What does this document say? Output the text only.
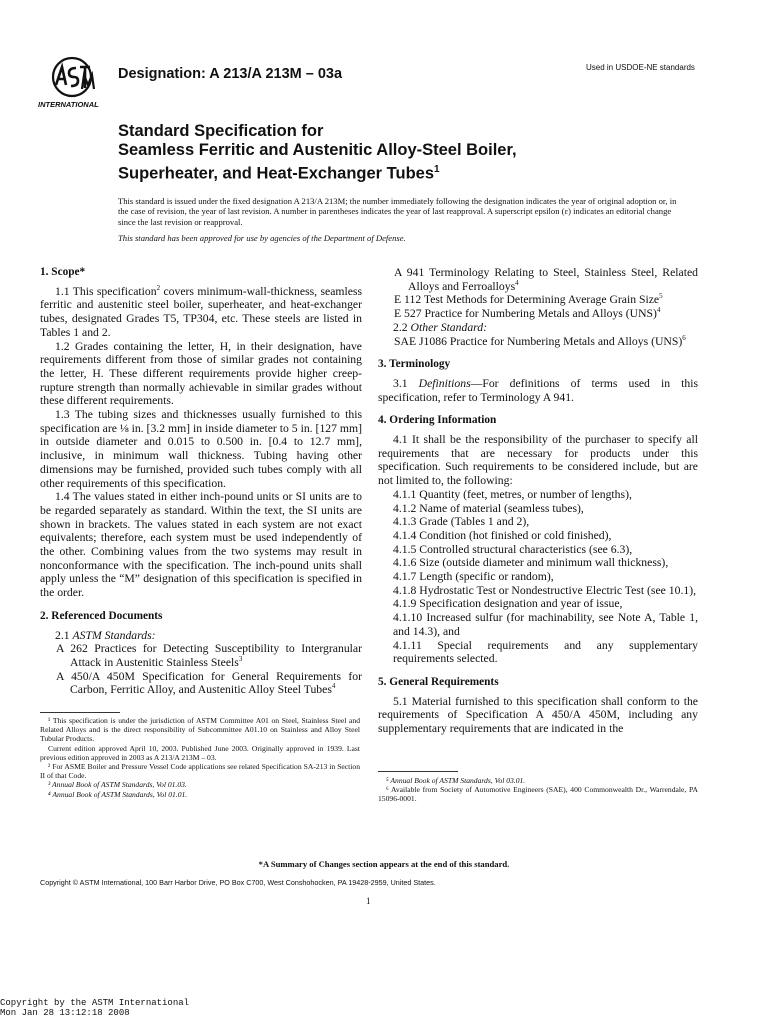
INTERNATIONAL
Designation: A 213/A 213M – 03a	Used in USDOE-NE standards
Standard Specification for
Seamless Ferritic and Austenitic Alloy-Steel Boiler,
Superheater, and Heat-Exchanger Tubes$^1$

This standard is issued under the fixed designation A 213/A 213M; the number immediately following the designation indicates the year of original adoption or, in the case of revision, the year of last revision. A number in parentheses indicates the year of last reapproval. A superscript epsilon (ε) indicates an editorial change since the last revision or reapproval.

This standard has been approved for use by agencies of the Department of Defense.

1. Scope*

1.1 This specification$^2$ covers minimum-wall-thickness, seamless ferritic and austenitic steel boiler, superheater, and heat-exchanger tubes, designated Grades T5, TP304, etc. These steels are listed in Tables 1 and 2.

1.2 Grades containing the letter, H, in their designation, have requirements different from those of similar grades not containing the letter, H. These different requirements provide higher creep-rupture strength than normally achievable in similar grades without these different requirements.

1.3 The tubing sizes and thicknesses usually furnished to this specification are ⅛ in. [3.2 mm] in inside diameter to 5 in. [127 mm] in outside diameter and 0.015 to 0.500 in. [0.4 to 12.7 mm], inclusive, in minimum wall thickness. Tubing having other dimensions may be furnished, provided such tubes comply with all other requirements of this specification.

1.4 The values stated in either inch-pound units or SI units are to be regarded separately as standard. Within the text, the SI units are shown in brackets. The values stated in each system are not exact equivalents; therefore, each system must be used independently of the other. Combining values from the two systems may result in nonconformance with the specification. The inch-pound units shall apply unless the “M” designation of this specification is specified in the order.

2. Referenced Documents

2.1 ASTM Standards:

A 262 Practices for Detecting Susceptibility to Intergranular Attack in Austenitic Stainless Steels$^3$

A 450/A 450M Specification for General Requirements for Carbon, Ferritic Alloy, and Austenitic Alloy Steel Tubes$^4$

¹ This specification is under the jurisdiction of ASTM Committee A01 on Steel, Stainless Steel and Related Alloys and is the direct responsibility of Subcommittee A01.10 on Stainless and Alloy Steel Tubular Products.

Current edition approved April 10, 2003. Published June 2003. Originally approved in 1939. Last previous edition approved in 2003 as A 213/A 213M – 03.

² For ASME Boiler and Pressure Vessel Code applications see related Specification SA-213 in Section II of that Code.

³ Annual Book of ASTM Standards, Vol 01.03.

⁴ Annual Book of ASTM Standards, Vol 01.01.

A 941 Terminology Relating to Steel, Stainless Steel, Related Alloys and Ferroalloys$^4$

E 112 Test Methods for Determining Average Grain Size$^5$

E 527 Practice for Numbering Metals and Alloys (UNS)$^4$

2.2 Other Standard:

SAE J1086 Practice for Numbering Metals and Alloys (UNS)$^6$

3. Terminology

3.1 Definitions—For definitions of terms used in this specification, refer to Terminology A 941.

4. Ordering Information

4.1 It shall be the responsibility of the purchaser to specify all requirements that are necessary for products under this specification. Such requirements to be considered include, but are not limited to, the following:

4.1.1 Quantity (feet, metres, or number of lengths),

4.1.2 Name of material (seamless tubes),

4.1.3 Grade (Tables 1 and 2),

4.1.4 Condition (hot finished or cold finished),

4.1.5 Controlled structural characteristics (see 6.3),

4.1.6 Size (outside diameter and minimum wall thickness),

4.1.7 Length (specific or random),

4.1.8 Hydrostatic Test or Nondestructive Electric Test (see 10.1),

4.1.9 Specification designation and year of issue,

4.1.10 Increased sulfur (for machinability, see Note A, Table 1, and 14.3), and

4.1.11 Special requirements and any supplementary requirements selected.

5. General Requirements

5.1 Material furnished to this specification shall conform to the requirements of Specification A 450/A 450M, including any supplementary requirements that are indicated in the

⁵ Annual Book of ASTM Standards, Vol 03.01.

⁶ Available from Society of Automotive Engineers (SAE), 400 Commonwealth Dr., Warrendale, PA 15096-0001.

*A Summary of Changes section appears at the end of this standard.
Copyright © ASTM International, 100 Barr Harbor Drive, PO Box C700, West Conshohocken, PA 19428-2959, United States.
1
Copyright by the ASTM International
Mon Jan 28 13:12:18 2008
